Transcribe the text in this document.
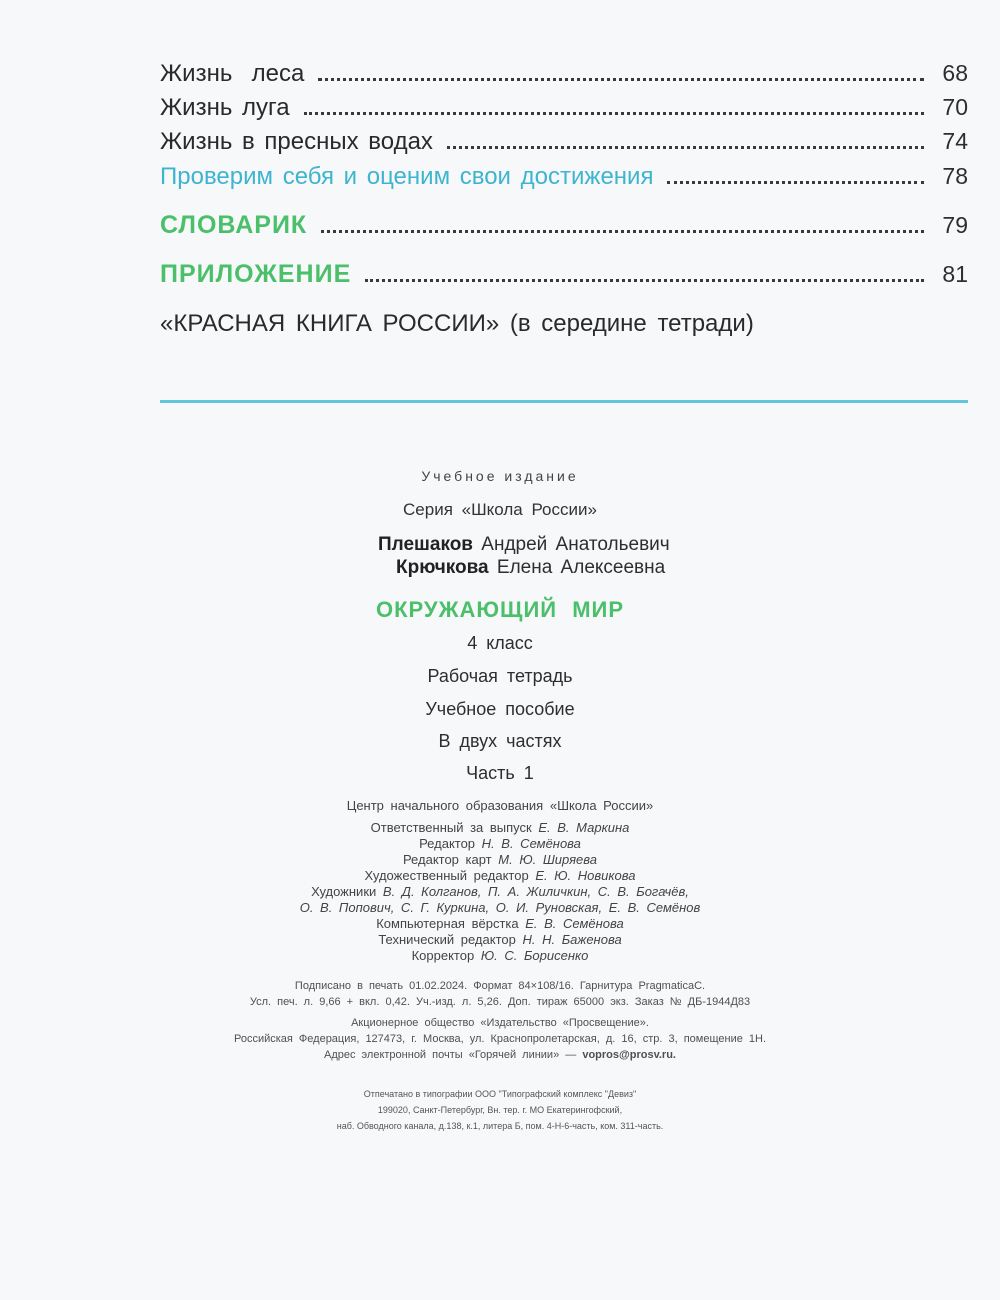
Жизнь  леса	68
Жизнь луга	70
Жизнь в пресных водах	74
Проверим себя и оценим свои достижения	78
СЛОВАРИК	79
ПРИЛОЖЕНИЕ	81
«КРАСНАЯ КНИГА РОССИИ» (в середине тетради)
Учебное издание
Серия «Школа России»
Плешаков Андрей Анатольевич
Крючкова Елена Алексеевна
ОКРУЖАЮЩИЙ МИР
4 класс
Рабочая тетрадь
Учебное пособие
В двух частях
Часть 1
Центр начального образования «Школа России»
Ответственный за выпуск Е. В. Маркина
Редактор Н. В. Семёнова
Редактор карт М. Ю. Ширяева
Художественный редактор Е. Ю. Новикова
Художники В. Д. Колганов, П. А. Жиличкин, С. В. Богачёв,
О. В. Попович, С. Г. Куркина, О. И. Руновская, Е. В. Семёнов
Компьютерная вёрстка Е. В. Семёнова
Технический редактор Н. Н. Баженова
Корректор Ю. С. Борисенко
Подписано в печать 01.02.2024. Формат 84×108/16. Гарнитура PragmaticaC.
Усл. печ. л. 9,66 + вкл. 0,42. Уч.-изд. л. 5,26. Доп. тираж 65000 экз. Заказ № ДБ-1944Д83
Акционерное общество «Издательство «Просвещение».
Российская Федерация, 127473, г. Москва, ул. Краснопролетарская, д. 16, стр. 3, помещение 1Н.
Адрес электронной почты «Горячей линии» — vopros@prosv.ru.
Отпечатано в типографии ООО "Типографский комплекс "Девиз"
199020, Санкт-Петербург, Вн. тер. г. МО Екатерингофский,
наб. Обводного канала, д.138, к.1, литера Б, пом. 4-Н-6-часть, ком. 311-часть.
